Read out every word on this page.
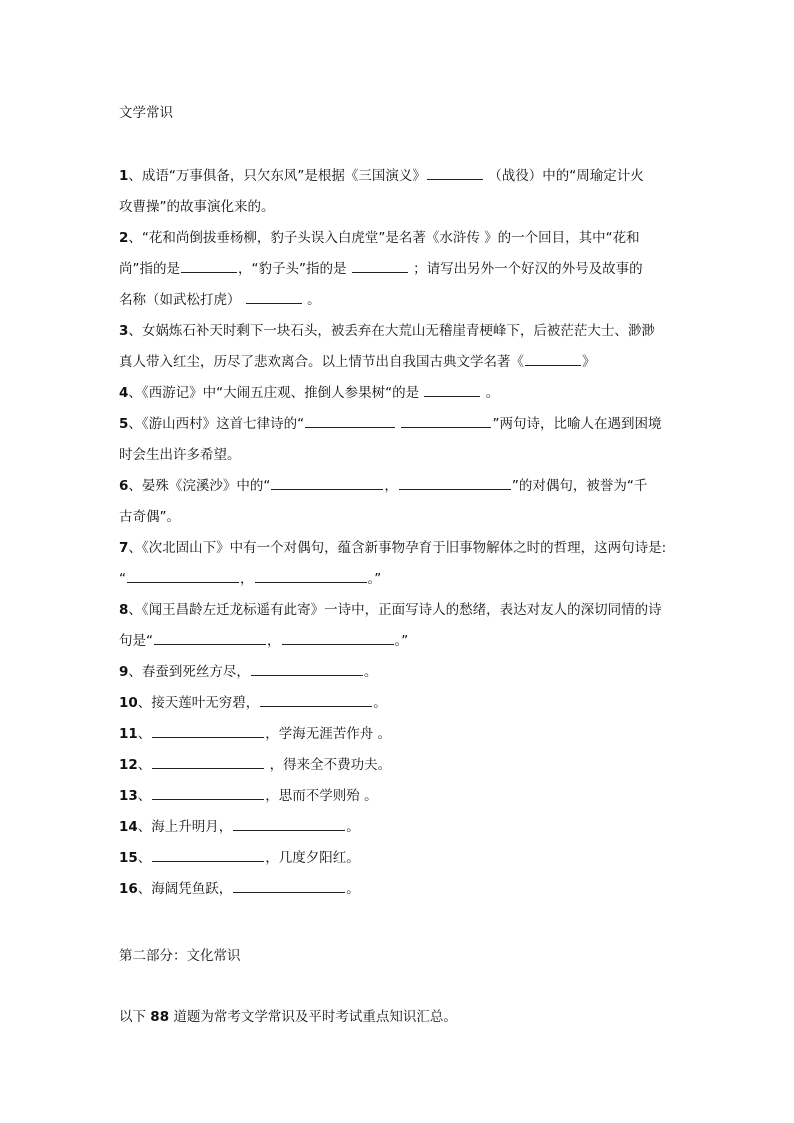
文学常识

1、成语“万事俱备，只欠东风”是根据《三国演义》	（战役）中的“周瑜定计火
攻曹操”的故事演化来的。

2、“花和尚倒拔垂杨柳，豹子头误入白虎堂”是名著《水浒传 》的一个回目，其中“花和
尚”指的是	，“豹子头”指的是	；请写出另外一个好汉的外号及故事的
名称（如武松打虎）	。

3、女娲炼石补天时剩下一块石头，被丢弃在大荒山无稽崖青梗峰下，后被茫茫大士、渺渺
真人带入红尘，历尽了悲欢离合。以上情节出自我国古典文学名著《	》

4、《西游记》中“大闹五庄观、推倒人参果树“的是	。

5、《游山西村》这首七律诗的“	”两句诗，比喻人在遇到困境
时会生出许多希望。

6、晏殊《浣溪沙》中的“	，	”的对偶句，被誉为“千
古奇偶”。

7、《次北固山下》中有一个对偶句，蕴含新事物孕育于旧事物解体之时的哲理，这两句诗是:
“	，	。”

8、《闻王昌龄左迁龙标遥有此寄》一诗中，正面写诗人的愁绪，表达对友人的深切同情的诗
句是“	，	。”

9、春蚕到死丝方尽，	。

10、接天莲叶无穷碧，	。

11、	，学海无涯苦作舟 。

12、	，得来全不费功夫。

13、	，思而不学则殆 。

14、海上升明月，	。

15、	，几度夕阳红。

16、海阔凭鱼跃，	。

第二部分：文化常识
以下 88 道题为常考文学常识及平时考试重点知识汇总。
